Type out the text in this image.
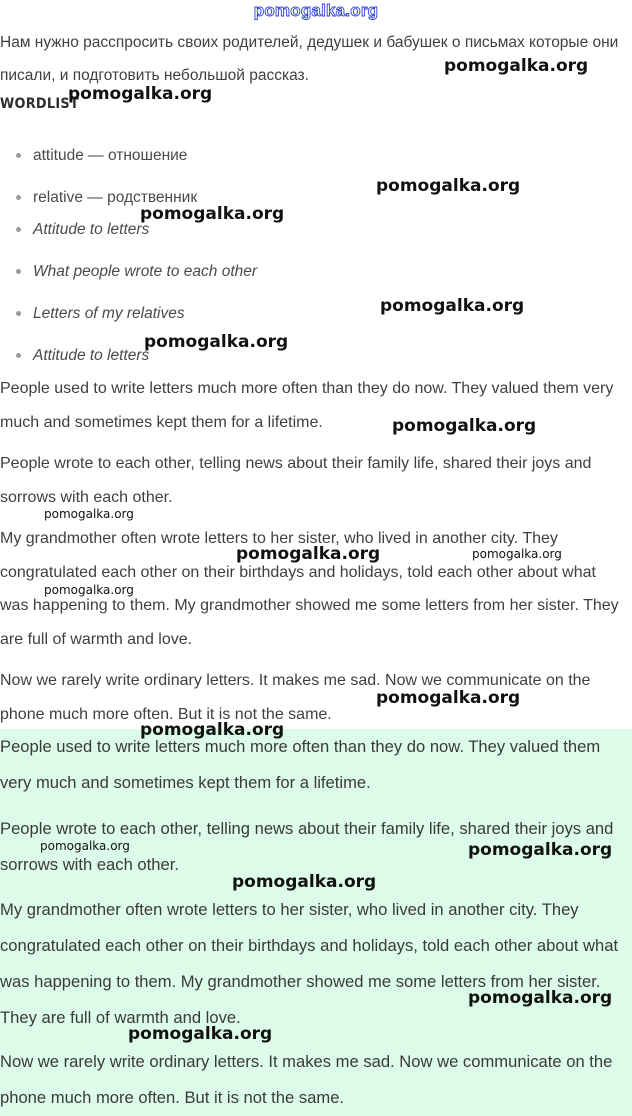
pomogalka.org

Нам нужно расспросить своих родителей, дедушек и бабушек о письмах которые они писали, и подготовить небольшой рассказ.

WORDLIST
attitude — отношение
relative — родственник
Attitude to letters
What people wrote to each other
Letters of my relatives
Attitude to letters

People used to write letters much more often than they do now. They valued them very much and sometimes kept them for a lifetime.

People wrote to each other, telling news about their family life, shared their joys and sorrows with each other.

My grandmother often wrote letters to her sister, who lived in another city. They congratulated each other on their birthdays and holidays, told each other about what was happening to them. My grandmother showed me some letters from her sister. They are full of warmth and love.

Now we rarely write ordinary letters. It makes me sad. Now we communicate on the phone much more often. But it is not the same.

People used to write letters much more often than they do now. They valued them very much and sometimes kept them for a lifetime.

People wrote to each other, telling news about their family life, shared their joys and sorrows with each other.

My grandmother often wrote letters to her sister, who lived in another city. They congratulated each other on their birthdays and holidays, told each other about what was happening to them. My grandmother showed me some letters from her sister. They are full of warmth and love.

Now we rarely write ordinary letters. It makes me sad. Now we communicate on the phone much more often. But it is not the same.

pomogalka.org
pomogalka.org
pomogalka.org
pomogalka.org
pomogalka.org
pomogalka.org
pomogalka.org
pomogalka.org
pomogalka.org	pomogalka.org
pomogalka.org
pomogalka.org
pomogalka.org
pomogalka.org	pomogalka.org
pomogalka.org
pomogalka.org
pomogalka.org
